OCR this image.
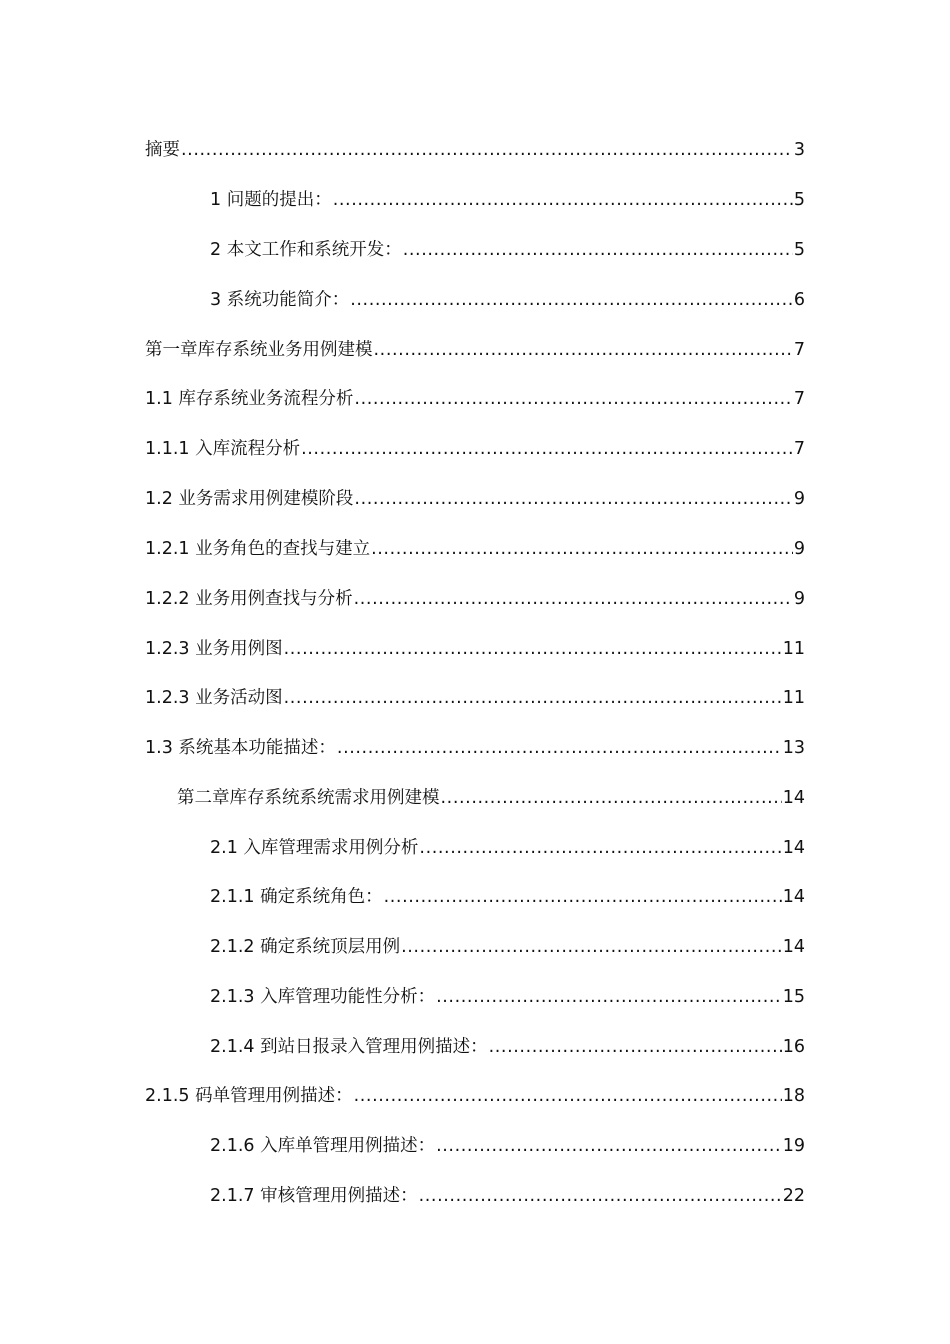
摘要 .....	3
1 问题的提出： .....	5
2 本文工作和系统开发： .....	5
3 系统功能简介： .....	6
第一章库存系统业务用例建模 .....	7
1.1 库存系统业务流程分析 .....	7
1.1.1 入库流程分析 .....	7
1.2 业务需求用例建模阶段 .....	9
1.2.1 业务角色的查找与建立 .....	9
1.2.2 业务用例查找与分析 .....	9
1.2.3 业务用例图 .....	11
1.2.3 业务活动图 .....	11
1.3 系统基本功能描述： .....	13
第二章库存系统系统需求用例建模 .....	14
2.1 入库管理需求用例分析 .....	14
2.1.1 确定系统角色： .....	14
2.1.2 确定系统顶层用例 .....	14
2.1.3 入库管理功能性分析： .....	15
2.1.4 到站日报录入管理用例描述： .....	16
2.1.5 码单管理用例描述： .....	18
2.1.6 入库单管理用例描述： .....	19
2.1.7 审核管理用例描述： .....	22
